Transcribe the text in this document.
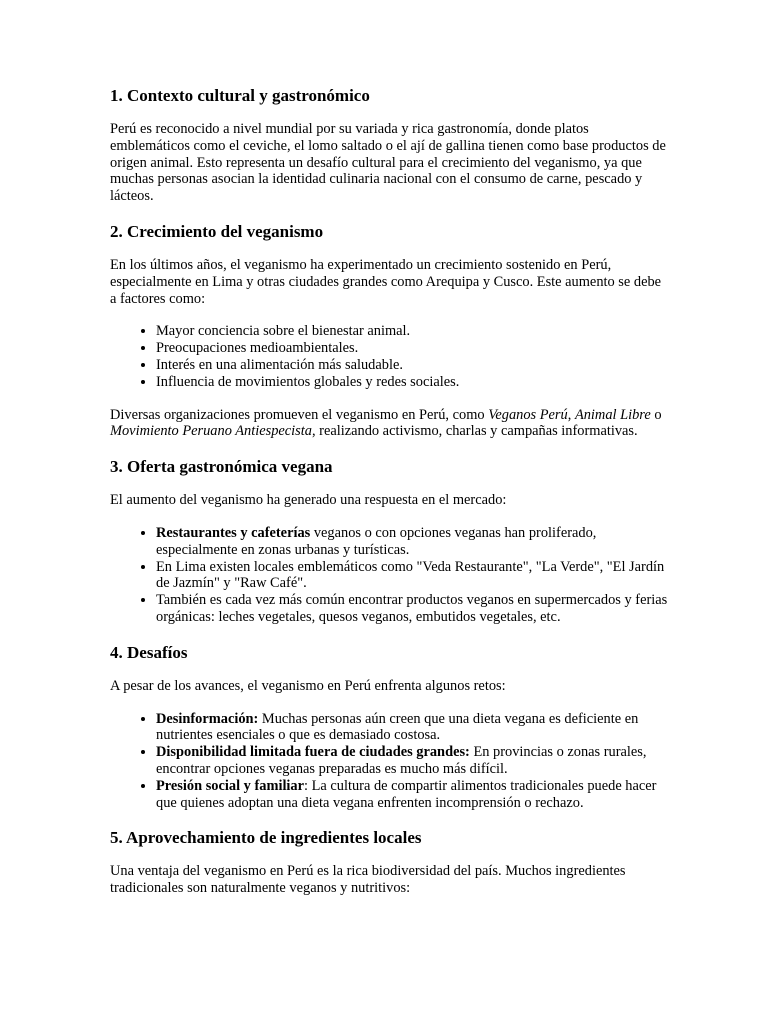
1. Contexto cultural y gastronómico

Perú es reconocido a nivel mundial por su variada y rica gastronomía, donde platos emblemáticos como el ceviche, el lomo saltado o el ají de gallina tienen como base productos de origen animal. Esto representa un desafío cultural para el crecimiento del veganismo, ya que muchas personas asocian la identidad culinaria nacional con el consumo de carne, pescado y lácteos.

2. Crecimiento del veganismo

En los últimos años, el veganismo ha experimentado un crecimiento sostenido en Perú, especialmente en Lima y otras ciudades grandes como Arequipa y Cusco. Este aumento se debe a factores como:

• Mayor conciencia sobre el bienestar animal.
• Preocupaciones medioambientales.
• Interés en una alimentación más saludable.
• Influencia de movimientos globales y redes sociales.

Diversas organizaciones promueven el veganismo en Perú, como Veganos Perú, Animal Libre o Movimiento Peruano Antiespecista, realizando activismo, charlas y campañas informativas.

3. Oferta gastronómica vegana

El aumento del veganismo ha generado una respuesta en el mercado:

• Restaurantes y cafeterías veganos o con opciones veganas han proliferado, especialmente en zonas urbanas y turísticas.
• En Lima existen locales emblemáticos como "Veda Restaurante", "La Verde", "El Jardín de Jazmín" y "Raw Café".
• También es cada vez más común encontrar productos veganos en supermercados y ferias orgánicas: leches vegetales, quesos veganos, embutidos vegetales, etc.
4. Desafíos

A pesar de los avances, el veganismo en Perú enfrenta algunos retos:

• Desinformación: Muchas personas aún creen que una dieta vegana es deficiente en nutrientes esenciales o que es demasiado costosa.
• Disponibilidad limitada fuera de ciudades grandes: En provincias o zonas rurales, encontrar opciones veganas preparadas es mucho más difícil.
• Presión social y familiar: La cultura de compartir alimentos tradicionales puede hacer que quienes adoptan una dieta vegana enfrenten incomprensión o rechazo.
5. Aprovechamiento de ingredientes locales

Una ventaja del veganismo en Perú es la rica biodiversidad del país. Muchos ingredientes tradicionales son naturalmente veganos y nutritivos:
